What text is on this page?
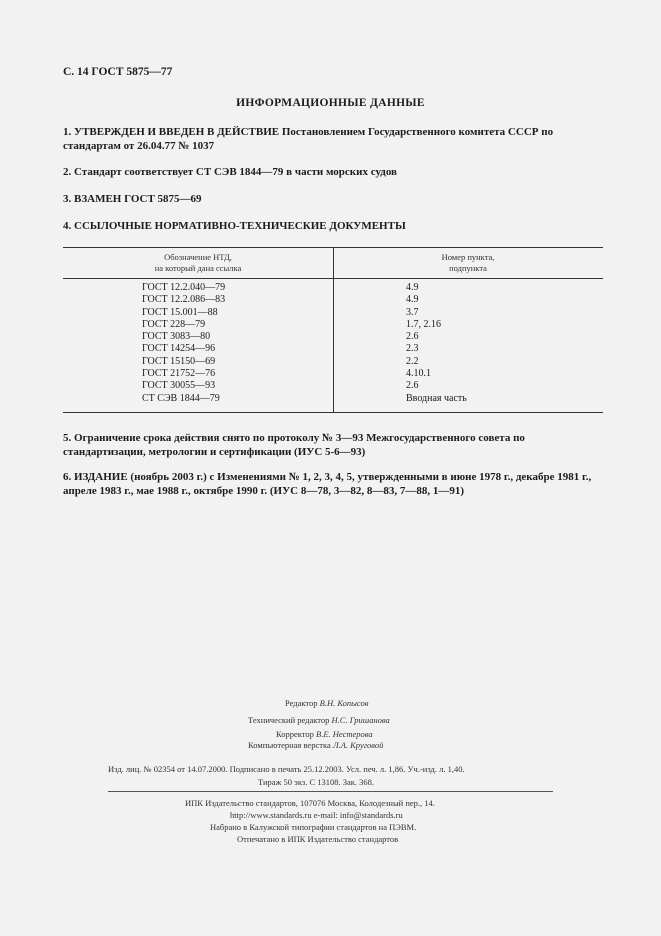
С. 14 ГОСТ 5875—77
ИНФОРМАЦИОННЫЕ ДАННЫЕ
1. УТВЕРЖДЕН И ВВЕДЕН В ДЕЙСТВИЕ Постановлением Государственного комитета СССР по стандартам от 26.04.77 № 1037
2. Стандарт соответствует СТ СЭВ 1844—79 в части морских судов
3. ВЗАМЕН ГОСТ 5875—69
4. ССЫЛОЧНЫЕ НОРМАТИВНО-ТЕХНИЧЕСКИЕ ДОКУМЕНТЫ
Обозначение НТД,
на который дана ссылка
Номер пункта,
подпункта
ГОСТ 12.2.040—79
ГОСТ 12.2.086—83
ГОСТ 15.001—88
ГОСТ 228—79
ГОСТ 3083—80
ГОСТ 14254—96
ГОСТ 15150—69
ГОСТ 21752—76
ГОСТ 30055—93
СТ СЭВ 1844—79
4.9
4.9
3.7
1.7, 2.16
2.6
2.3
2.2
4.10.1
2.6
Вводная часть
5. Ограничение срока действия снято по протоколу № 3—93 Межгосударственного совета по стандартизации, метрологии и сертификации (ИУС 5-6—93)
6. ИЗДАНИЕ (ноябрь 2003 г.) с Изменениями № 1, 2, 3, 4, 5, утвержденными в июне 1978 г., декабре 1981 г., апреле 1983 г., мае 1988 г., октябре 1990 г. (ИУС 8—78, 3—82, 8—83, 7—88, 1—91)
Редактор В.Н. Копысов
Технический редактор Н.С. Гришанова
Корректор В.Е. Нестерова
Компьютерная верстка Л.А. Круговой
Изд. лиц. № 02354 от 14.07.2000. Подписано в печать 25.12.2003. Усл. печ. л. 1,86. Уч.-изд. л. 1,40.
Тираж 50 экз. С 13108. Зак. 368.
ИПК Издательство стандартов, 107076 Москва, Колодезный пер., 14.
http://www.standards.ru e-mail: info@standards.ru
Набрано в Калужской типографии стандартов на ПЭВМ.
Отпечатано в ИПК Издательство стандартов
